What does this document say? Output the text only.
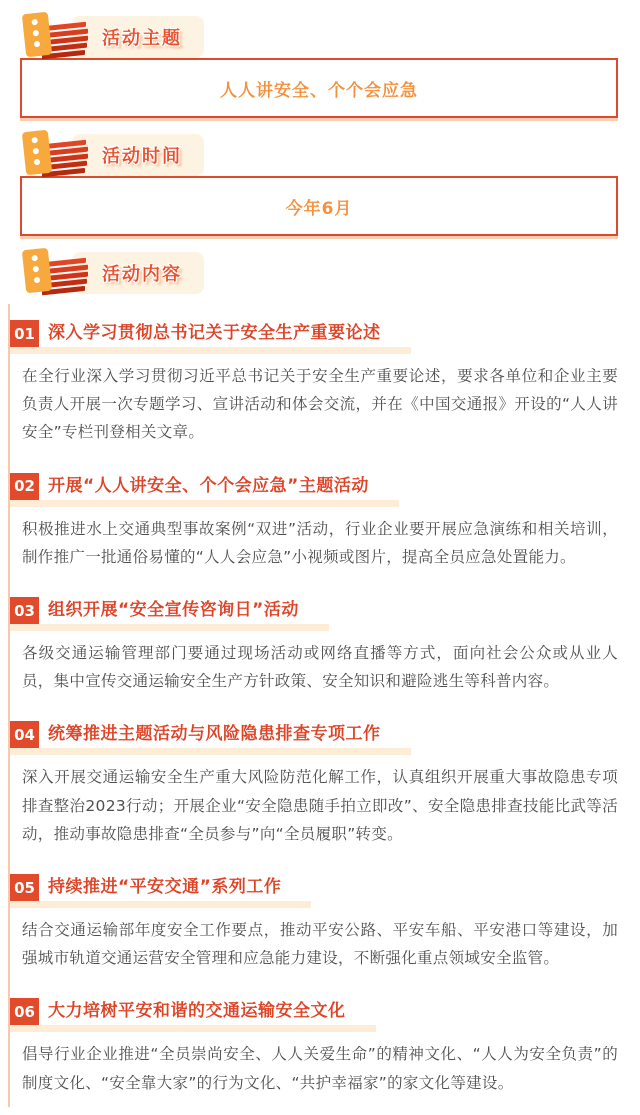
活动主题
人人讲安全、个个会应急
活动时间
今年6月
活动内容
01 深入学习贯彻总书记关于安全生产重要论述

在全行业深入学习贯彻习近平总书记关于安全生产重要论述，要求各单位和企业主要负责人开展一次专题学习、宣讲活动和体会交流，并在《中国交通报》开设的“人人讲安全”专栏刊登相关文章。

02 开展“人人讲安全、个个会应急”主题活动

积极推进水上交通典型事故案例“双进”活动，行业企业要开展应急演练和相关培训，制作推广一批通俗易懂的“人人会应急”小视频或图片，提高全员应急处置能力。

03 组织开展“安全宣传咨询日”活动

各级交通运输管理部门要通过现场活动或网络直播等方式，面向社会公众或从业人员，集中宣传交通运输安全生产方针政策、安全知识和避险逃生等科普内容。

04 统筹推进主题活动与风险隐患排查专项工作

深入开展交通运输安全生产重大风险防范化解工作，认真组织开展重大事故隐患专项排查整治2023行动；开展企业“安全隐患随手拍立即改”、安全隐患排查技能比武等活动，推动事故隐患排查“全员参与”向“全员履职”转变。

05 持续推进“平安交通”系列工作

结合交通运输部年度安全工作要点，推动平安公路、平安车船、平安港口等建设，加强城市轨道交通运营安全管理和应急能力建设，不断强化重点领域安全监管。

06 大力培树平安和谐的交通运输安全文化

倡导行业企业推进“全员崇尚安全、人人关爱生命”的精神文化、“人人为安全负责”的制度文化、“安全靠大家”的行为文化、“共护幸福家”的家文化等建设。
